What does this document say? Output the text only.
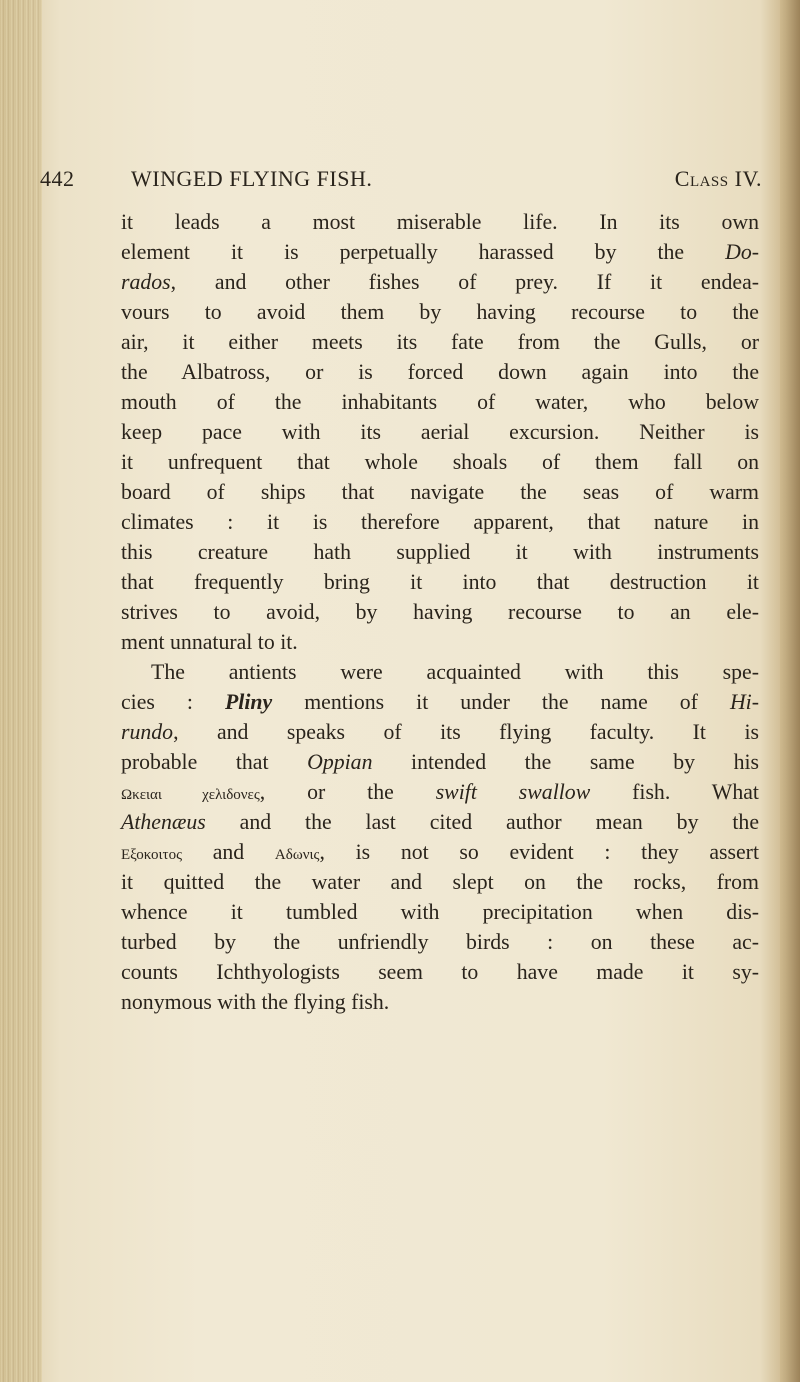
442	WINGED FLYING FISH.	Class IV.
it leads a most miserable life. In its own
element it is perpetually harassed by the Do-
rados, and other fishes of prey. If it endea-
vours to avoid them by having recourse to the
air, it either meets its fate from the Gulls, or
the Albatross, or is forced down again into the
mouth of the inhabitants of water, who below
keep pace with its aerial excursion. Neither is
it unfrequent that whole shoals of them fall on
board of ships that navigate the seas of warm
climates : it is therefore apparent, that nature in
this creature hath supplied it with instruments
that frequently bring it into that destruction it
strives to avoid, by having recourse to an ele-
ment unnatural to it.
The antients were acquainted with this spe-
cies : Pliny mentions it under the name of Hi-
rundo, and speaks of its flying faculty. It is
probable that Oppian intended the same by his
Ωκειαι χελιδονες, or the swift swallow fish. What
Athenæus and the last cited author mean by the
Εξοκοιτος and Αδωνις, is not so evident : they assert
it quitted the water and slept on the rocks, from
whence it tumbled with precipitation when dis-
turbed by the unfriendly birds : on these ac-
counts Ichthyologists seem to have made it sy-
nonymous with the flying fish.
